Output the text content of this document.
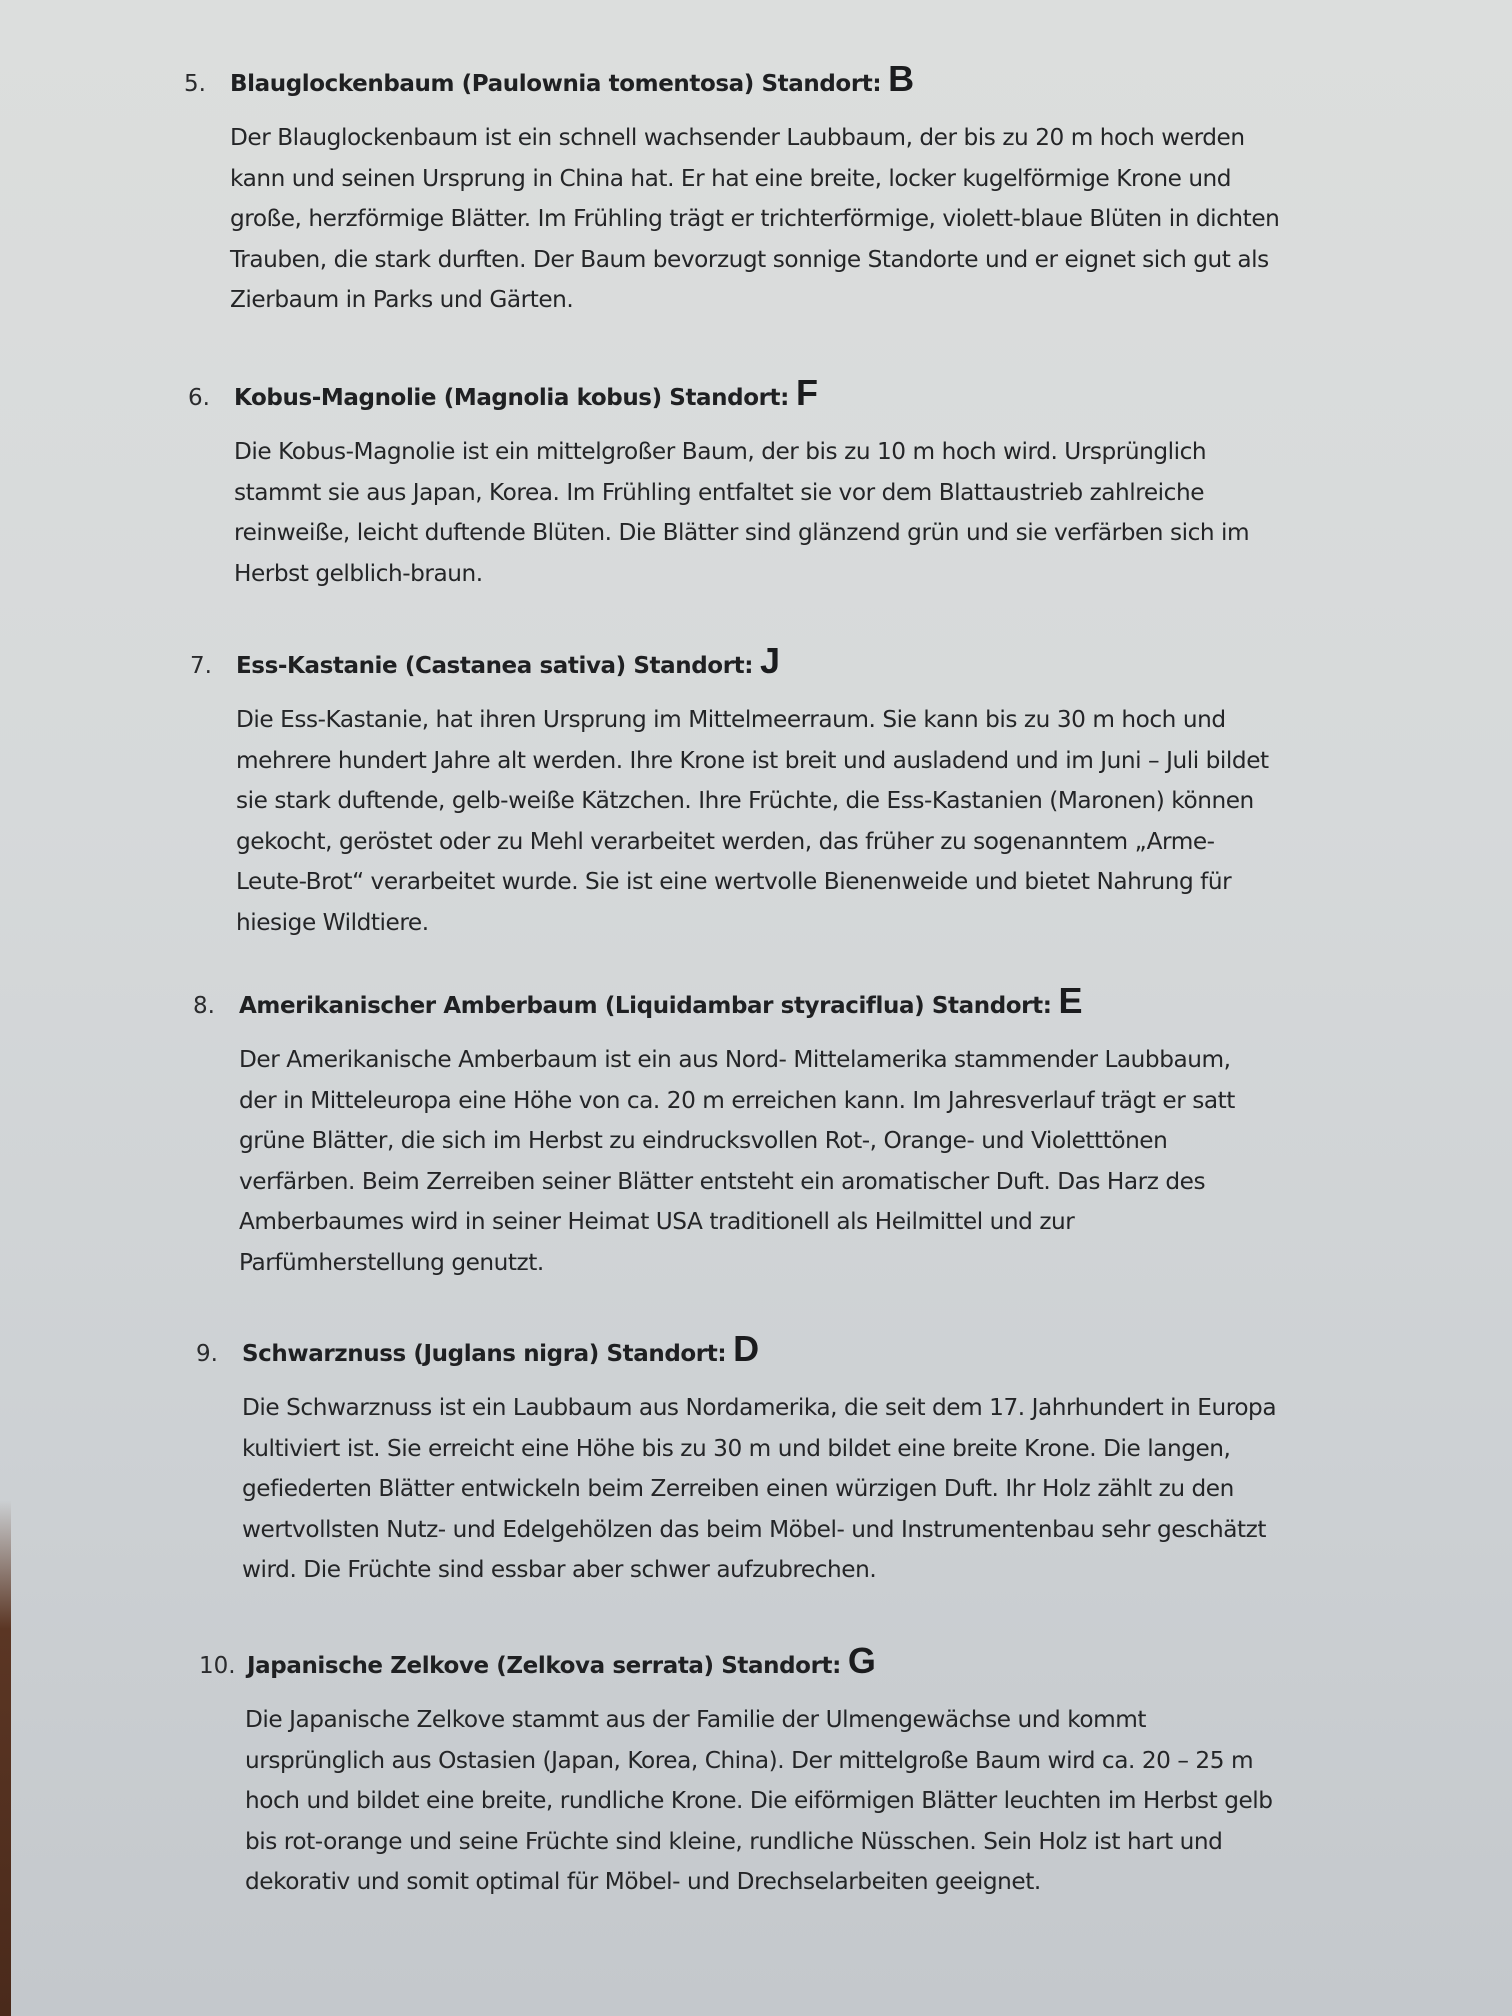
5.	Blauglockenbaum (Paulownia tomentosa) Standort: B
Der Blauglockenbaum ist ein schnell wachsender Laubbaum, der bis zu 20 m hoch werden
kann und seinen Ursprung in China hat. Er hat eine breite, locker kugelförmige Krone und
große, herzförmige Blätter. Im Frühling trägt er trichterförmige, violett-blaue Blüten in dichten
Trauben, die stark durften. Der Baum bevorzugt sonnige Standorte und er eignet sich gut als
Zierbaum in Parks und Gärten.
6.	Kobus-Magnolie (Magnolia kobus) Standort: F
Die Kobus-Magnolie ist ein mittelgroßer Baum, der bis zu 10 m hoch wird. Ursprünglich
stammt sie aus Japan, Korea. Im Frühling entfaltet sie vor dem Blattaustrieb zahlreiche
reinweiße, leicht duftende Blüten. Die Blätter sind glänzend grün und sie verfärben sich im
Herbst gelblich-braun.
7.	Ess-Kastanie (Castanea sativa) Standort: J
Die Ess-Kastanie, hat ihren Ursprung im Mittelmeerraum. Sie kann bis zu 30 m hoch und
mehrere hundert Jahre alt werden. Ihre Krone ist breit und ausladend und im Juni – Juli bildet
sie stark duftende, gelb-weiße Kätzchen. Ihre Früchte, die Ess-Kastanien (Maronen) können
gekocht, geröstet oder zu Mehl verarbeitet werden, das früher zu sogenanntem „Arme-
Leute-Brot“ verarbeitet wurde. Sie ist eine wertvolle Bienenweide und bietet Nahrung für
hiesige Wildtiere.
8.	Amerikanischer Amberbaum (Liquidambar styraciflua) Standort: E
Der Amerikanische Amberbaum ist ein aus Nord- Mittelamerika stammender Laubbaum,
der in Mitteleuropa eine Höhe von ca. 20 m erreichen kann. Im Jahresverlauf trägt er satt
grüne Blätter, die sich im Herbst zu eindrucksvollen Rot-, Orange- und Violetttönen
verfärben. Beim Zerreiben seiner Blätter entsteht ein aromatischer Duft. Das Harz des
Amberbaumes wird in seiner Heimat USA traditionell als Heilmittel und zur
Parfümherstellung genutzt.
9.	Schwarznuss (Juglans nigra) Standort: D
Die Schwarznuss ist ein Laubbaum aus Nordamerika, die seit dem 17. Jahrhundert in Europa
kultiviert ist. Sie erreicht eine Höhe bis zu 30 m und bildet eine breite Krone. Die langen,
gefiederten Blätter entwickeln beim Zerreiben einen würzigen Duft. Ihr Holz zählt zu den
wertvollsten Nutz- und Edelgehölzen das beim Möbel- und Instrumentenbau sehr geschätzt
wird. Die Früchte sind essbar aber schwer aufzubrechen.
10. Japanische Zelkove (Zelkova serrata) Standort: G
Die Japanische Zelkove stammt aus der Familie der Ulmengewächse und kommt
ursprünglich aus Ostasien (Japan, Korea, China). Der mittelgroße Baum wird ca. 20 – 25 m
hoch und bildet eine breite, rundliche Krone. Die eiförmigen Blätter leuchten im Herbst gelb
bis rot-orange und seine Früchte sind kleine, rundliche Nüsschen. Sein Holz ist hart und
dekorativ und somit optimal für Möbel- und Drechselarbeiten geeignet.
